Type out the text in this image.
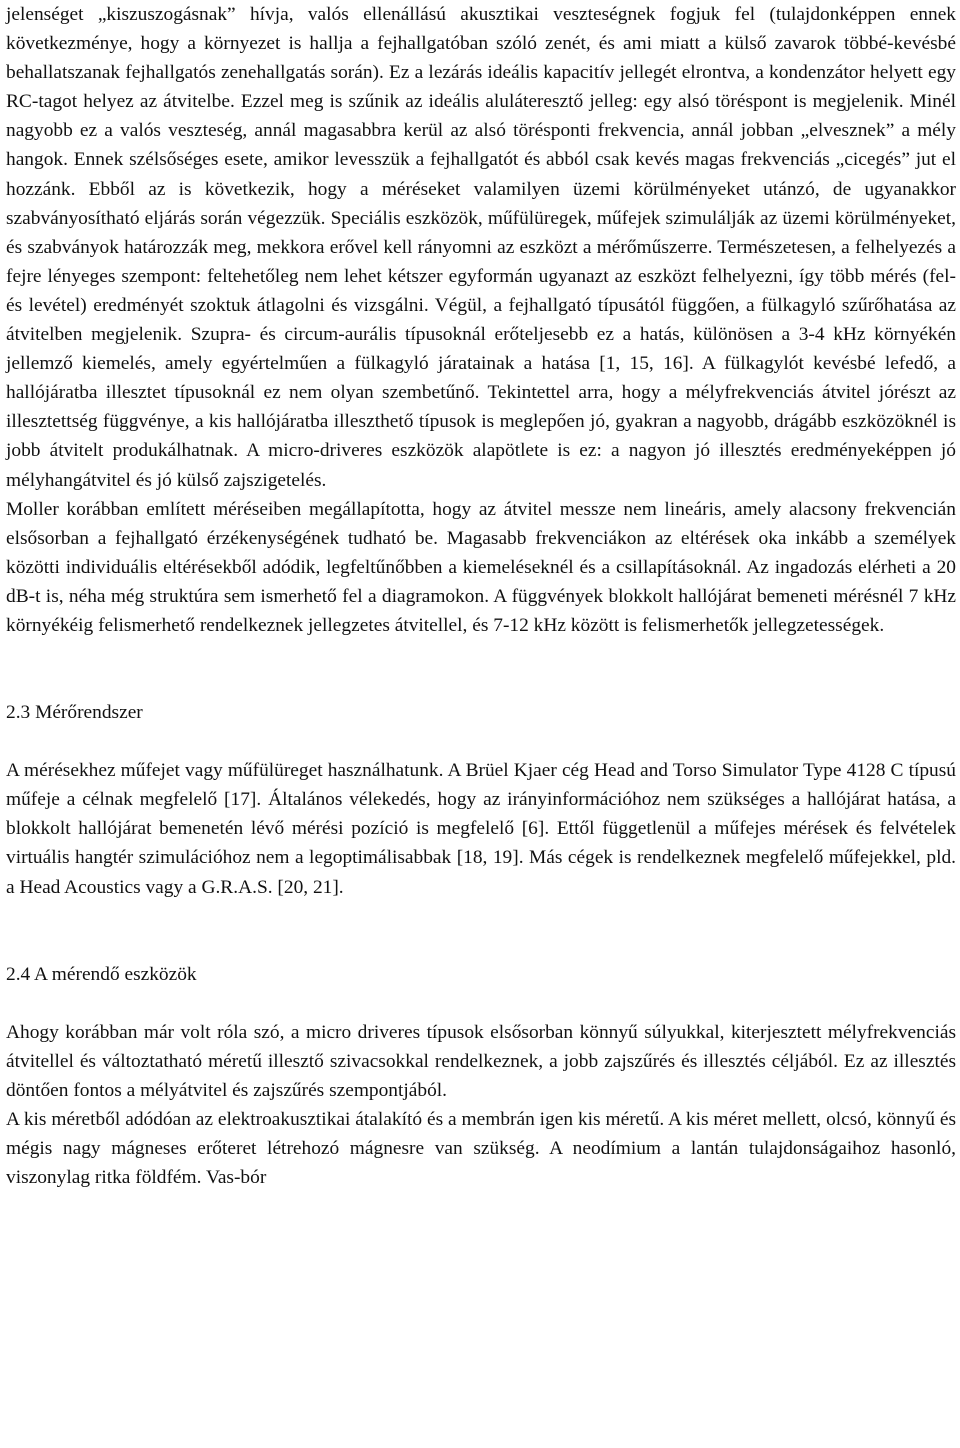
jelenséget „kiszuszogásnak” hívja, valós ellenállású akusztikai veszteségnek fogjuk fel (tulajdonképpen ennek következménye, hogy a környezet is hallja a fejhallgatóban szóló zenét, és ami miatt a külső zavarok többé-kevésbé behallatszanak fejhallgatós zenehallgatás során). Ez a lezárás ideális kapacitív jellegét elrontva, a kondenzátor helyett egy RC-tagot helyez az átvitelbe. Ezzel meg is szűnik az ideális aluláteresztő jelleg: egy alsó töréspont is megjelenik. Minél nagyobb ez a valós veszteség, annál magasabbra kerül az alsó törésponti frekvencia, annál jobban „elvesznek” a mély hangok. Ennek szélsőséges esete, amikor levesszük a fejhallgatót és abból csak kevés magas frekvenciás „cicegés” jut el hozzánk. Ebből az is következik, hogy a méréseket valamilyen üzemi körülményeket utánzó, de ugyanakkor szabványosítható eljárás során végezzük. Speciális eszközök, műfülüregek, műfejek szimulálják az üzemi körülményeket, és szabványok határozzák meg, mekkora erővel kell rányomni az eszközt a mérőműszerre. Természetesen, a felhelyezés a fejre lényeges szempont: feltehetőleg nem lehet kétszer egyformán ugyanazt az eszközt felhelyezni, így több mérés (fel- és levétel) eredményét szoktuk átlagolni és vizsgálni. Végül, a fejhallgató típusától függően, a fülkagyló szűrőhatása az átvitelben megjelenik. Szupra- és circum-aurális típusoknál erőteljesebb ez a hatás, különösen a 3-4 kHz környékén jellemző kiemelés, amely egyértelműen a fülkagyló járatainak a hatása [1, 15, 16]. A fülkagylót kevésbé lefedő, a hallójáratba illesztet típusoknál ez nem olyan szembetűnő. Tekintettel arra, hogy a mélyfrekvenciás átvitel jórészt az illesztettség függvénye, a kis hallójáratba illeszthető típusok is meglepően jó, gyakran a nagyobb, drágább eszközöknél is jobb átvitelt produkálhatnak. A micro-driveres eszközök alapötlete is ez: a nagyon jó illesztés eredményeképpen jó mélyhangátvitel és jó külső zajszigetelés.

Moller korábban említett méréseiben megállapította, hogy az átvitel messze nem lineáris, amely alacsony frekvencián elsősorban a fejhallgató érzékenységének tudható be. Magasabb frekvenciákon az eltérések oka inkább a személyek közötti individuális eltérésekből adódik, legfeltűnőbben a kiemeléseknél és a csillapításoknál. Az ingadozás elérheti a 20 dB-t is, néha még struktúra sem ismerhető fel a diagramokon. A függvények blokkolt hallójárat bemeneti mérésnél 7 kHz környékéig felismerhető rendelkeznek jellegzetes átvitellel, és 7-12 kHz között is felismerhetők jellegzetességek.

2.3 Mérőrendszer

A mérésekhez műfejet vagy műfülüreget használhatunk. A Brüel Kjaer cég Head and Torso Simulator Type 4128 C típusú műfeje a célnak megfelelő [17]. Általános vélekedés, hogy az irányinformációhoz nem szükséges a hallójárat hatása, a blokkolt hallójárat bemenetén lévő mérési pozíció is megfelelő [6]. Ettől függetlenül a műfejes mérések és felvételek virtuális hangtér szimulációhoz nem a legoptimálisabbak [18, 19]. Más cégek is rendelkeznek megfelelő műfejekkel, pld. a Head Acoustics vagy a G.R.A.S. [20, 21].

2.4 A mérendő eszközök

Ahogy korábban már volt róla szó, a micro driveres típusok elsősorban könnyű súlyukkal, kiterjesztett mélyfrekvenciás átvitellel és változtatható méretű illesztő szivacsokkal rendelkeznek, a jobb zajszűrés és illesztés céljából. Ez az illesztés döntően fontos a mélyátvitel és zajszűrés szempontjából.

A kis méretből adódóan az elektroakusztikai átalakító és a membrán igen kis méretű. A kis méret mellett, olcsó, könnyű és mégis nagy mágneses erőteret létrehozó mágnesre van szükség. A neodímium a lantán tulajdonságaihoz hasonló, viszonylag ritka földfém. Vas-bór
